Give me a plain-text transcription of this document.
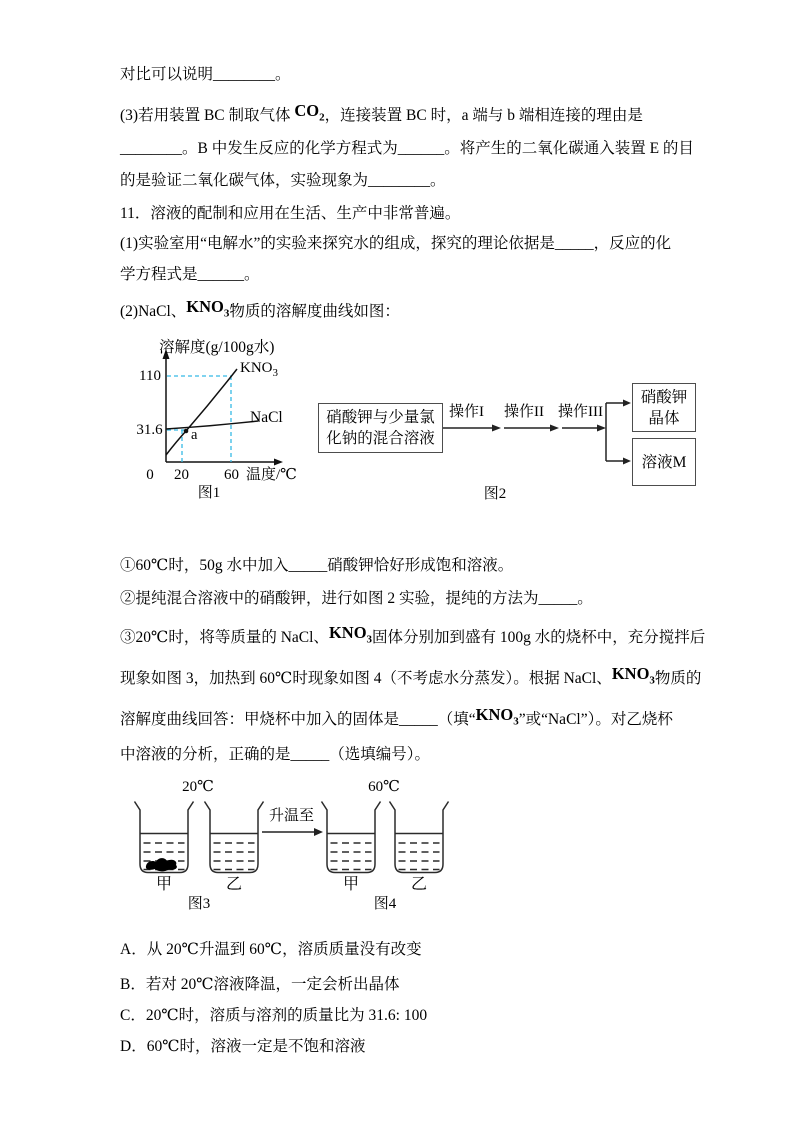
对比可以说明________。
(3)若用装置 BC 制取气体 $CO_2$，连接装置 BC 时，a 端与 b 端相连接的理由是
________。B 中发生反应的化学方程式为______。将产生的二氧化碳通入装置 E 的目
的是验证二氧化碳气体，实验现象为________。
11．溶液的配制和应用在生活、生产中非常普遍。
(1)实验室用“电解水”的实验来探究水的组成，探究的理论依据是_____，反应的化
学方程式是______。
(2)NaCl、$KNO_3$物质的溶解度曲线如图：
溶解度(g/100g水)
110
31.6
$KNO_3$
NaCl
a
0 20 60 温度/℃
图1
硝酸钾与少量氯
化钠的混合溶液
操作I 操作II 操作III
硝酸钾
晶体
溶液M
图2
①60℃时，50g 水中加入_____硝酸钾恰好形成饱和溶液。
②提纯混合溶液中的硝酸钾，进行如图 2 实验，提纯的方法为_____。
③20℃时，将等质量的 NaCl、$KNO_3$固体分别加到盛有 100g 水的烧杯中，充分搅拌后
现象如图 3，加热到 60℃时现象如图 4（不考虑水分蒸发）。根据 NaCl、$KNO_3$物质的
溶解度曲线回答：甲烧杯中加入的固体是_____（填“$KNO_3$”或“NaCl”）。对乙烧杯
中溶液的分析，正确的是_____（选填编号）。
20℃	60℃
升温至
甲	乙	甲	乙
图3	图4
A．从 20℃升温到 60℃，溶质质量没有改变
B．若对 20℃溶液降温，一定会析出晶体
C．20℃时，溶质与溶剂的质量比为 31.6: 100
D．60℃时，溶液一定是不饱和溶液
